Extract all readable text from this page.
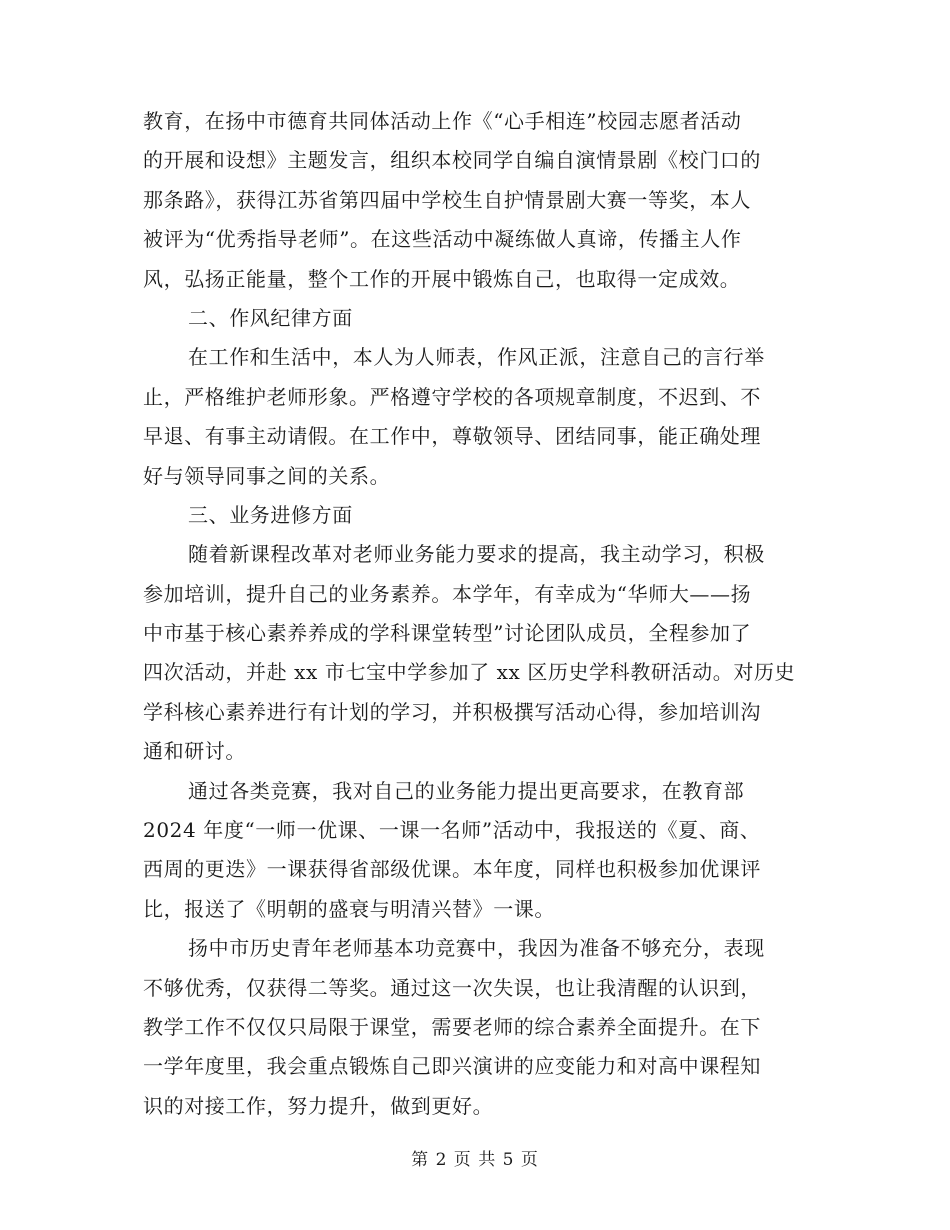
教育，在扬中市德育共同体活动上作《“心手相连”校园志愿者活动
的开展和设想》主题发言，组织本校同学自编自演情景剧《校门口的
那条路》，获得江苏省第四届中学校生自护情景剧大赛一等奖，本人
被评为“优秀指导老师”。在这些活动中凝练做人真谛，传播主人作
风，弘扬正能量，整个工作的开展中锻炼自己，也取得一定成效。
二、作风纪律方面
在工作和生活中，本人为人师表，作风正派，注意自己的言行举
止，严格维护老师形象。严格遵守学校的各项规章制度，不迟到、不
早退、有事主动请假。在工作中，尊敬领导、团结同事，能正确处理
好与领导同事之间的关系。
三、业务进修方面
随着新课程改革对老师业务能力要求的提高，我主动学习，积极
参加培训，提升自己的业务素养。本学年，有幸成为“华师大——扬
中市基于核心素养养成的学科课堂转型”讨论团队成员，全程参加了
四次活动，并赴 xx 市七宝中学参加了 xx 区历史学科教研活动。对历史
学科核心素养进行有计划的学习，并积极撰写活动心得，参加培训沟
通和研讨。
通过各类竞赛，我对自己的业务能力提出更高要求，在教育部
2024 年度“一师一优课、一课一名师”活动中，我报送的《夏、商、
西周的更迭》一课获得省部级优课。本年度，同样也积极参加优课评
比，报送了《明朝的盛衰与明清兴替》一课。
扬中市历史青年老师基本功竞赛中，我因为准备不够充分，表现
不够优秀，仅获得二等奖。通过这一次失误，也让我清醒的认识到，
教学工作不仅仅只局限于课堂，需要老师的综合素养全面提升。在下
一学年度里，我会重点锻炼自己即兴演讲的应变能力和对高中课程知
识的对接工作，努力提升，做到更好。
第 2 页 共 5 页
